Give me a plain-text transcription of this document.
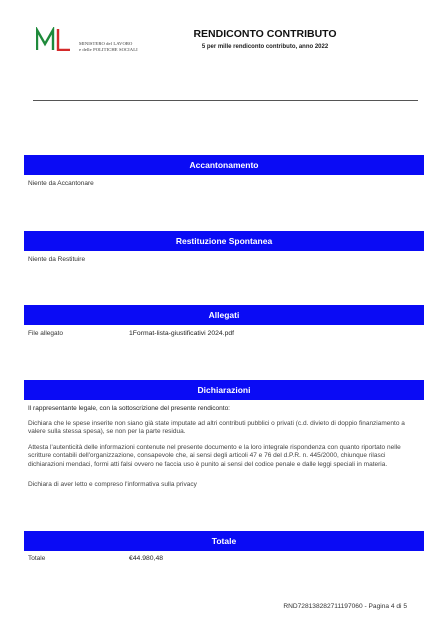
MINISTERO del LAVORO
e delle POLITICHE SOCIALI
RENDICONTO CONTRIBUTO
5 per mille rendiconto contributo, anno 2022
Accantonamento
Niente da Accantonare
Restituzione Spontanea
Niente da Restituire
Allegati
File allegato	1Format-lista-giustificativi 2024.pdf
Dichiarazioni
Il rappresentante legale, con la sottoscrizione del presente rendiconto:
Dichiara che le spese inserite non siano già state imputate ad altri contributi pubblici o privati (c.d. divieto di doppio finanziamento a valere sulla stessa spesa), se non per la parte residua.
Attesta l'autenticità delle informazioni contenute nel presente documento e la loro integrale rispondenza con quanto riportato nelle scritture contabili dell'organizzazione, consapevole che, ai sensi degli articoli 47 e 76 del d.P.R. n. 445/2000, chiunque rilasci dichiarazioni mendaci, formi atti falsi ovvero ne faccia uso è punito ai sensi del codice penale e dalle leggi speciali in materia.
Dichiara di aver letto e compreso l'informativa sulla privacy
Totale
Totale	€44.980,48
RND728138282711197060 - Pagina 4 di 5
